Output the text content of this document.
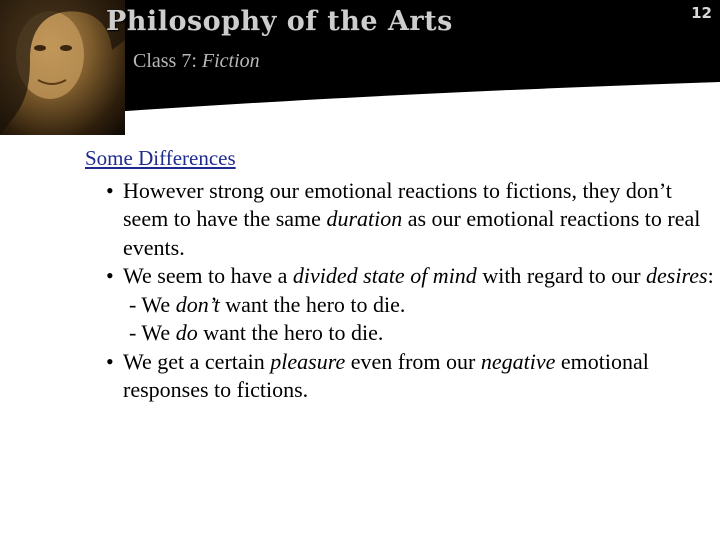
Philosophy of the Arts
Class 7: Fiction
12

Some Differences

• However strong our emotional reactions to fictions, they don’t seem to have the same duration as our emotional reactions to real events.

• We seem to have a divided state of mind with regard to our desires:

- We don’t want the hero to die.

- We do want the hero to die.

• We get a certain pleasure even from our negative emotional responses to fictions.
